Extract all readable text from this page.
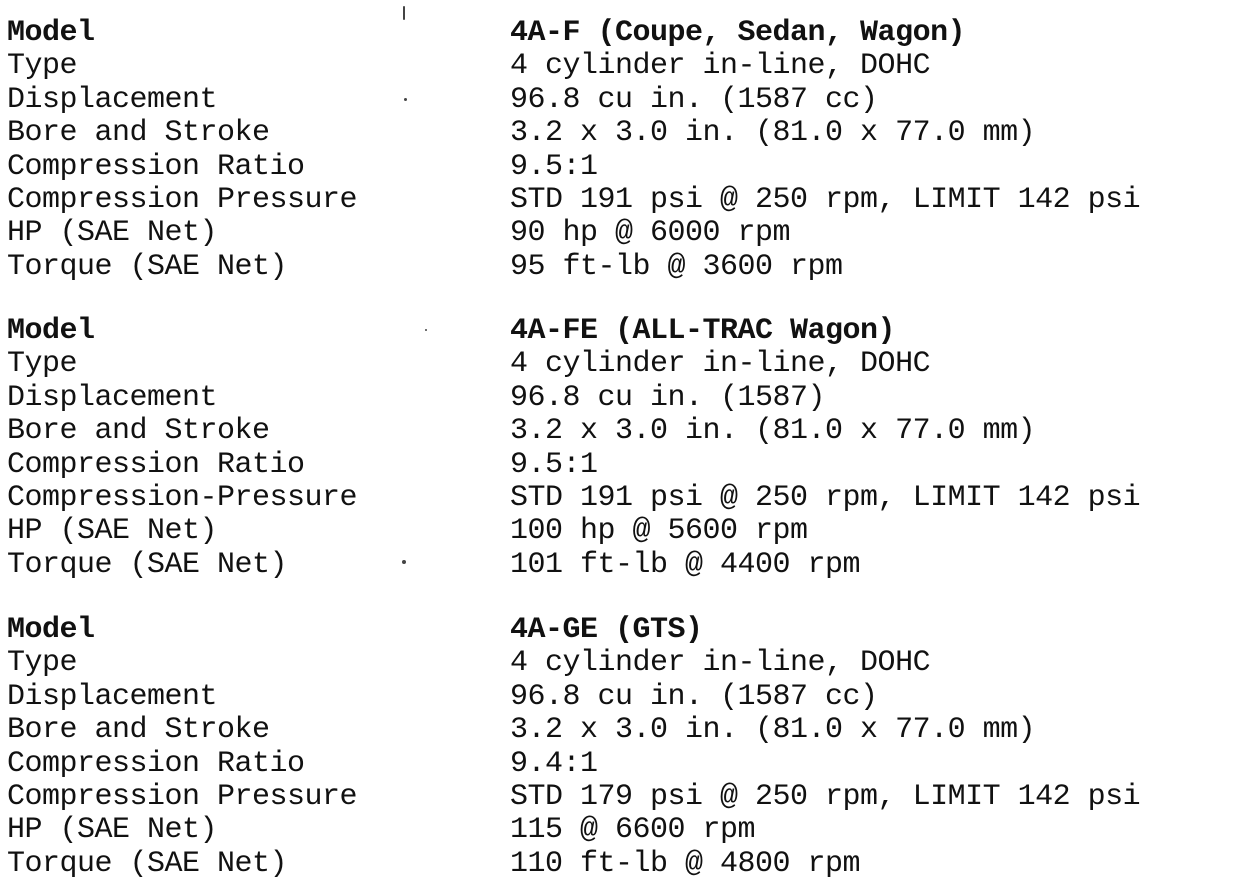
Model	4A-F (Coupe, Sedan, Wagon)
Type	4 cylinder in-line, DOHC
Displacement	96.8 cu in. (1587 cc)
Bore and Stroke	3.2 x 3.0 in. (81.0 x 77.0 mm)
Compression Ratio	9.5:1
Compression Pressure	STD 191 psi @ 250 rpm, LIMIT 142 psi
HP (SAE Net)	90 hp @ 6000 rpm
Torque (SAE Net)	95 ft-lb @ 3600 rpm
Model	4A-FE (ALL-TRAC Wagon)
Type	4 cylinder in-line, DOHC
Displacement	96.8 cu in. (1587)
Bore and Stroke	3.2 x 3.0 in. (81.0 x 77.0 mm)
Compression Ratio	9.5:1
Compression-Pressure	STD 191 psi @ 250 rpm, LIMIT 142 psi
HP (SAE Net)	100 hp @ 5600 rpm
Torque (SAE Net)	101 ft-lb @ 4400 rpm
Model	4A-GE (GTS)
Type	4 cylinder in-line, DOHC
Displacement	96.8 cu in. (1587 cc)
Bore and Stroke	3.2 x 3.0 in. (81.0 x 77.0 mm)
Compression Ratio	9.4:1
Compression Pressure	STD 179 psi @ 250 rpm, LIMIT 142 psi
HP (SAE Net)	115 @ 6600 rpm
Torque (SAE Net)	110 ft-lb @ 4800 rpm
